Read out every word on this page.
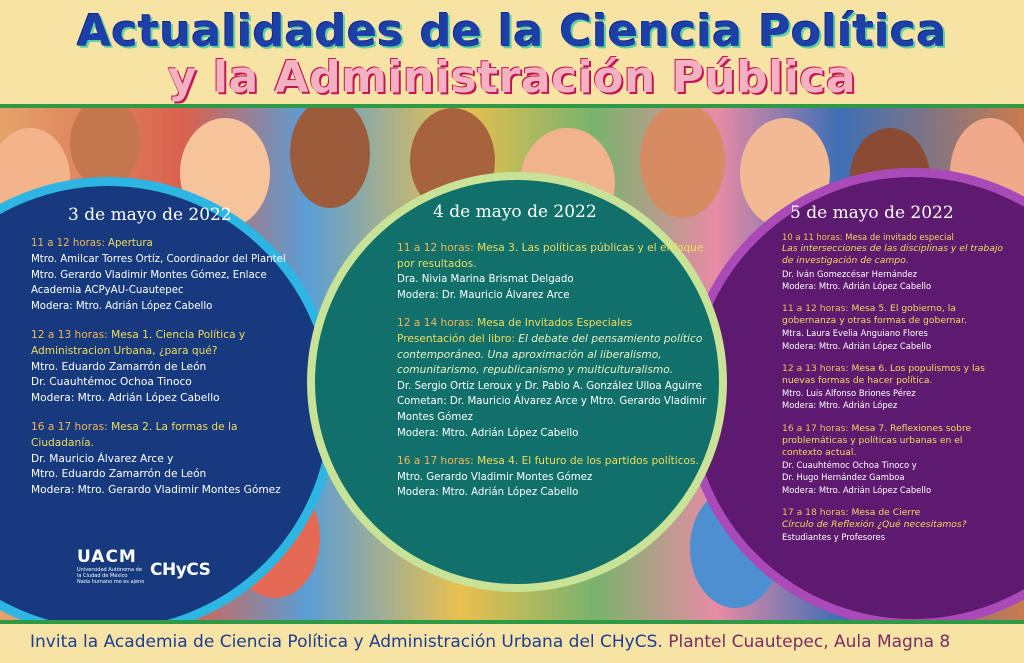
Actualidades de la Ciencia Política
y la Administración Pública
3 de mayo de 2022
11 a 12 horas: Apertura
Mtro. Amilcar Torres Ortíz, Coordinador del Plantel
Mtro. Gerardo Vladimir Montes Gómez, Enlace Academia ACPyAU-Cuautepec
Modera: Mtro. Adrián López Cabello
12 a 13 horas: Mesa 1. Ciencia Política y Administracion Urbana, ¿para qué?
Mtro. Eduardo Zamarrón de León
Dr. Cuauhtémoc Ochoa Tinoco
Modera: Mtro. Adrián López Cabello
16 a 17 horas: Mesa 2. La formas de la Ciudadanía.
Dr. Mauricio Álvarez Arce y
Mtro. Eduardo Zamarrón de León
Modera: Mtro. Gerardo Vladimir Montes Gómez
UACM
Universidad Autónoma de la Ciudad de México
Nada humano me es ajeno
CHyCS
4 de mayo de 2022
11 a 12 horas: Mesa 3. Las políticas públicas y el enfoque por resultados.
Dra. Nivia Marina Brismat Delgado
Modera: Dr. Mauricio Álvarez Arce
12 a 14 horas: Mesa de Invitados Especiales
Presentación del libro: El debate del pensamiento político contemporáneo. Una aproximación al liberalismo, comunitarismo, republicanismo y multiculturalismo.
Dr. Sergio Ortiz Leroux y Dr. Pablo A. González Ulloa Aguirre
Cometan: Dr. Mauricio Álvarez Arce y Mtro. Gerardo Vladimir Montes Gómez
Modera: Mtro. Adrián López Cabello
16 a 17 horas: Mesa 4. El futuro de los partidos políticos.
Mtro. Gerardo Vladimir Montes Gómez
Modera: Mtro. Adrián López Cabello
5 de mayo de 2022
10 a 11 horas: Mesa de invitado especial
Las intersecciones de las disciplinas y el trabajo de investigación de campo.
Dr. Iván Gomezcésar Hernández
Modera: Mtro. Adrián López Cabello
11 a 12 horas: Mesa 5. El gobierno, la gobernanza y otras formas de gobernar.
Mtra. Laura Evelia Anguiano Flores
Modera: Mtro. Adrián López Cabello
12 a 13 horas: Mesa 6. Los populismos y las nuevas formas de hacer política.
Mtro. Luis Alfonso Briones Pérez
Modera: Mtro. Adrián López
16 a 17 horas: Mesa 7. Reflexiones sobre problemáticas y políticas urbanas en el contexto actual.
Dr. Cuauhtémoc Ochoa Tinoco y
Dr. Hugo Hernández Gamboa
Modera: Mtro. Adrián López Cabello
17 a 18 horas: Mesa de Cierre
Círculo de Reflexión ¿Qué necesitamos?
Estudiantes y Profesores
Invita la Academia de Ciencia Política y Administración Urbana del CHyCS. Plantel Cuautepec, Aula Magna 8
